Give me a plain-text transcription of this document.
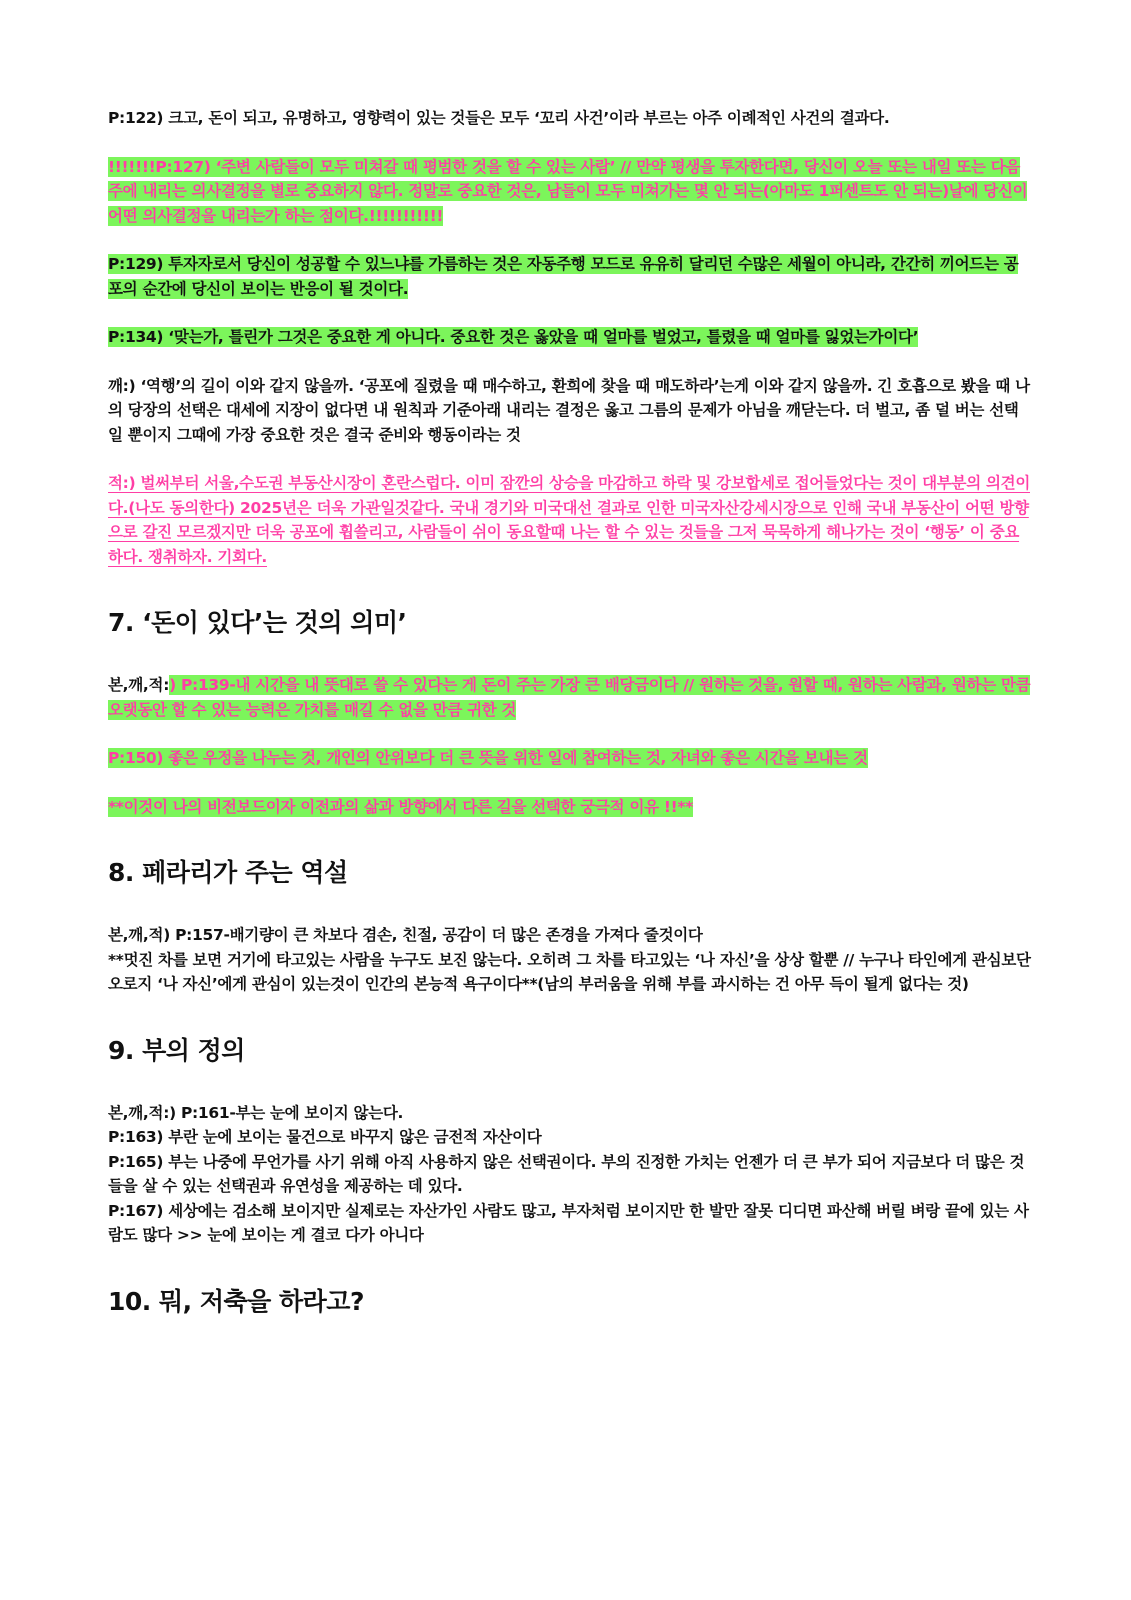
P:122) 크고, 돈이 되고, 유명하고, 영향력이 있는 것들은 모두 ‘꼬리 사건’이라 부르는 아주 이례적인 사건의 결과다.

!!!!!!!P:127) ‘주변 사람들이 모두 미쳐갈 때 평범한 것을 할 수 있는 사람’ // 만약 평생을 투자한다면, 당신이 오늘 또는 내일 또는 다음 주에 내리는 의사결정을 별로 중요하지 않다. 정말로 중요한 것은, 남들이 모두 미쳐가는 몇 안 되는(아마도 1퍼센트도 안 되는)날에 당신이 어떤 의사결정을 내리는가 하는 점이다.!!!!!!!!!!!

P:129) 투자자로서 당신이 성공할 수 있느냐를 가름하는 것은 자동주행 모드로 유유히 달리던 수많은 세월이 아니라, 간간히 끼어드는 공포의 순간에 당신이 보이는 반응이 될 것이다.

P:134) ‘맞는가, 틀린가 그것은 중요한 게 아니다. 중요한 것은 옳았을 때 얼마를 벌었고, 틀렸을 때 얼마를 잃었는가이다’

깨:) ‘역행’의 길이 이와 같지 않을까. ‘공포에 질렸을 때 매수하고, 환희에 찾을 때 매도하라’는게 이와 같지 않을까. 긴 호흡으로 봤을 때 나의 당장의 선택은 대세에 지장이 없다면 내 원칙과 기준아래 내리는 결정은 옳고 그름의 문제가 아님을 깨닫는다. 더 벌고, 좀 덜 버는 선택일 뿐이지 그때에 가장 중요한 것은 결국 준비와 행동이라는 것

적:) 벌써부터 서울,수도권 부동산시장이 혼란스럽다. 이미 잠깐의 상승을 마감하고 하락 및 강보합세로 접어들었다는 것이 대부분의 의견이다.(나도 동의한다) 2025년은 더욱 가관일것같다. 국내 경기와 미국대선 결과로 인한 미국자산강세시장으로 인해 국내 부동산이 어떤 방향으로 갈진 모르겠지만 더욱 공포에 휩쓸리고, 사람들이 쉬이 동요할때 나는 할 수 있는 것들을 그저 묵묵하게 해나가는 것이 ‘행동’ 이 중요하다. 쟁취하자. 기회다.

7. ‘돈이 있다’는 것의 의미’

본,깨,적:) P:139-내 시간을 내 뜻대로 쓸 수 있다는 게 돈이 주는 가장 큰 배당금이다 // 원하는 것을, 원할 때, 원하는 사람과, 원하는 만큼 오랫동안 할 수 있는 능력은 가치를 매길 수 없을 만큼 귀한 것

P:150) 좋은 우정을 나누는 것, 개인의 안위보다 더 큰 뜻을 위한 일에 참여하는 것, 자녀와 좋은 시간을 보내는 것

**이것이 나의 비전보드이자 이전과의 삶과 방향에서 다른 길을 선택한 궁극적 이유 !!**

8. 페라리가 주는 역설

본,깨,적) P:157-배기량이 큰 차보다 겸손, 친절, 공감이 더 많은 존경을 가져다 줄것이다
**멋진 차를 보면 거기에 타고있는 사람을 누구도 보진 않는다. 오히려 그 차를 타고있는 ‘나 자신’을 상상 할뿐 // 누구나 타인에게 관심보단 오로지 ‘나 자신’에게 관심이 있는것이 인간의 본능적 욕구이다**(남의 부러움을 위해 부를 과시하는 건 아무 득이 될게 없다는 것)

9. 부의 정의

본,깨,적:) P:161-부는 눈에 보이지 않는다.
P:163) 부란 눈에 보이는 물건으로 바꾸지 않은 금전적 자산이다
P:165) 부는 나중에 무언가를 사기 위해 아직 사용하지 않은 선택권이다. 부의 진정한 가치는 언젠가 더 큰 부가 되어 지금보다 더 많은 것들을 살 수 있는 선택권과 유연성을 제공하는 데 있다.
P:167) 세상에는 검소해 보이지만 실제로는 자산가인 사람도 많고, 부자처럼 보이지만 한 발만 잘못 디디면 파산해 버릴 벼랑 끝에 있는 사람도 많다 >> 눈에 보이는 게 결코 다가 아니다

10. 뭐, 저축을 하라고?
